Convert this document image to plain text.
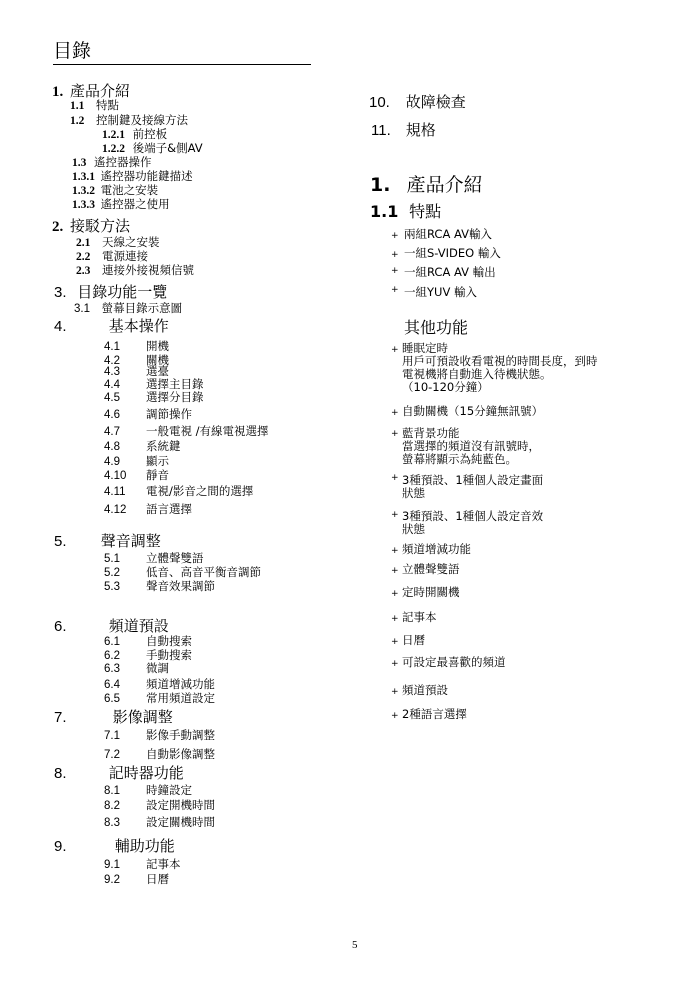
目錄
1. 產品介紹
1.1 特點
1.2 控制鍵及接線方法
1.2.1 前控板
1.2.2 後端子&側AV
1.3 遙控器操作
1.3.1 遙控器功能鍵描述
1.3.2 電池之安裝
1.3.3 遙控器之使用
2. 接駁方法
2.1 天線之安裝
2.2 電源連接
2.3 連接外接視頻信號
3. 目錄功能一覽
3.1 螢幕目錄示意圖
4.	基本操作
4.1 開機
4.2 關機
4.3 選臺
4.4 選擇主目錄
4.5 選擇分目錄
4.6 調節操作
4.7 一般電視 /有線電視選擇
4.8 系統鍵
4.9 顯示
4.10 靜音
4.11 電視/影音之間的選擇
4.12 語言選擇
5. 聲音調整
5.1 立體聲雙語
5.2 低音、高音平衡音調節
5.3 聲音效果調節
6.	頻道預設
6.1 自動搜索
6.2 手動搜索
6.3 微調
6.4 頻道增減功能
6.5 常用頻道設定
7.	影像調整
7.1 影像手動調整
7.2 自動影像調整
8.	記時器功能
8.1 時鐘設定
8.2 設定開機時間
8.3 設定關機時間
9.	輔助功能
9.1 記事本
9.2 日曆
10. 故障檢查
11. 規格
1. 產品介紹
1.1 特點
+ 兩組RCA AV輸入
+ 一組S-VIDEO 輸入
+ 一組RCA AV 輸出
+ 一組YUV 輸入
其他功能
+ 睡眠定時
用戶可預設收看電視的時間長度，到時
電視機將自動進入待機狀態。
（10-120分鐘）
+ 自動關機（15分鐘無訊號）
+ 藍背景功能
當選擇的頻道沒有訊號時，
螢幕將顯示為純藍色。
+ 3種預設、1種個人設定畫面
狀態
+ 3種預設、1種個人設定音效
狀態
+ 頻道增減功能
+ 立體聲雙語
+ 定時開關機
+ 記事本
+ 日曆
+ 可設定最喜歡的頻道
+ 頻道預設
+ 2種語言選擇
5
